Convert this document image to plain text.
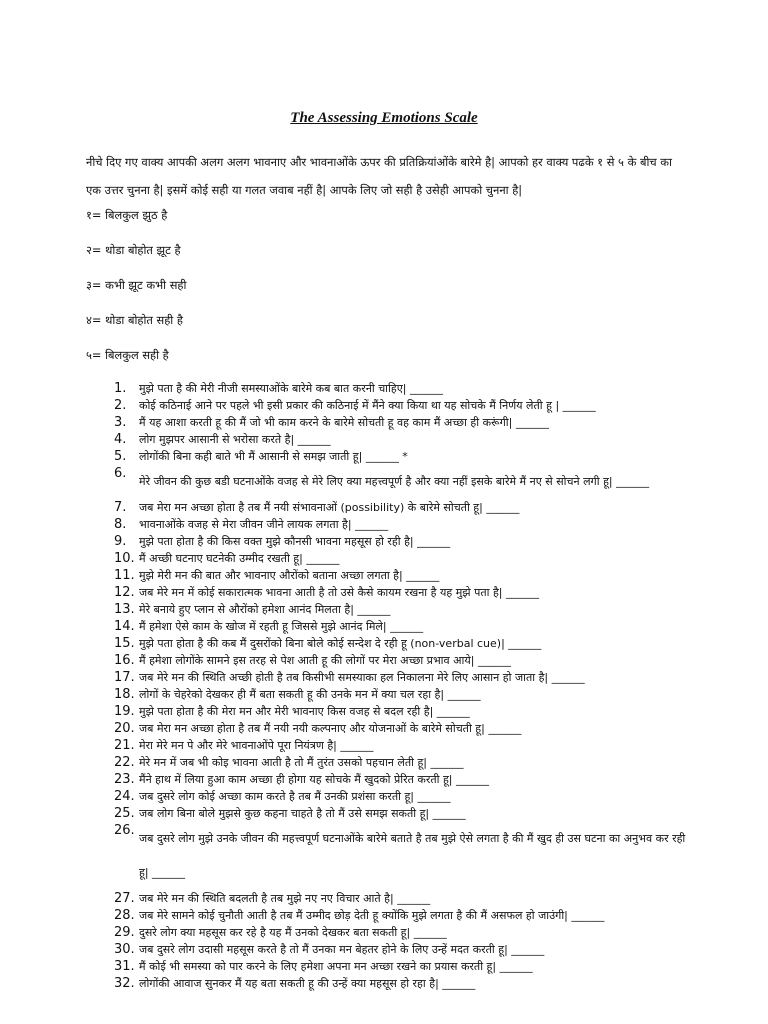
The Assessing Emotions Scale

नीचे दिए गए वाक्य आपकी अलग अलग भावनाए और भावनाओंके ऊपर की प्रतिक्रियांओंके बारेमे है| आपको हर वाक्य पढके १ से ५ के बीच का एक उत्तर चुनना है| इसमें कोई सही या गलत जवाब नहीं है| आपके लिए जो सही है उसेही आपको चुनना है|

१= बिलकुल झुठ है
२= थोडा बोहोत झूट है
३= कभी झूट कभी सही
४= थोडा बोहोत सही है
५= बिलकुल सही है
1.	मुझे पता है की मेरी नीजी समस्याओंके बारेमे कब बात करनी चाहिए| ______
2.	कोई कठिनाई आने पर पहले भी इसी प्रकार की कठिनाई में मैंने क्या किया था यह सोचके मैं निर्णय लेती हू | ______
3.	मैं यह आशा करती हू की मैं जो भी काम करने के बारेमे सोचती हू वह काम मैं अच्छा ही करूंगी| ______
4.	लोग मुझपर आसानी से भरोसा करते है| ______
5.	लोगोंकी बिना कही बाते भी मैं आसानी से समझ जाती हू| ______ *
6.
मेरे जीवन की कुछ बडी घटनाओंके वजह से मेरे लिए क्या महत्त्वपूर्ण है और क्या नहीं इसके बारेमे मैं नए से सोचने लगी हू| ______
7.	जब मेरा मन अच्छा होता है तब मैं नयी संभावनाओं (possibility) के बारेमे सोचती हू| ______
8.	भावनाओंके वजह से मेरा जीवन जीने लायक लगता है| ______
9.	मुझे पता होता है की किस वक्त मुझे कौनसी भावना महसूस हो रही है| ______
10. मैं अच्छी घटनाए घटनेकी उम्मीद रखती हू| ______
11. मुझे मेरी मन की बात और भावनाए औरोंको बताना अच्छा लगता है| ______
12. जब मेरे मन में कोई सकारात्मक भावना आती है तो उसे कैसे कायम रखना है यह मुझे पता है| ______
13. मेरे बनाये हुए प्लान से औरोंको हमेशा आनंद मिलता है| ______
14. मैं हमेशा ऐसे काम के खोज में रहती हू जिससे मुझे आनंद मिले| ______
15. मुझे पता होता है की कब मैं दुसरोंको बिना बोले कोई सन्देश दे रही हू (non-verbal cue)| ______
16. मैं हमेशा लोगोंके सामने इस तरह से पेश आती हू की लोगों पर मेरा अच्छा प्रभाव आये| ______
17. जब मेरे मन की स्थिति अच्छी होती है तब किसीभी समस्याका हल निकालना मेरे लिए आसान हो जाता है| ______
18. लोगों के चेहरेको देखकर ही मैं बता सकती हू की उनके मन में क्या चल रहा है| ______
19. मुझे पता होता है की मेरा मन और मेरी भावनाए किस वजह से बदल रही है| ______
20. जब मेरा मन अच्छा होता है तब मैं नयी नयी कल्पनाए और योजनाओं के बारेमे सोचती हू| ______
21. मेरा मेरे मन पे और मेरे भावनाओंपे पूरा नियंत्रण है| ______
22. मेरे मन में जब भी कोइ भावना आती है तो मैं तुरंत उसको पहचान लेती हू| ______
23. मैंने हाथ में लिया हुआ काम अच्छा ही होगा यह सोचके मैं खुदको प्रेरित करती हू| ______
24. जब दुसरे लोग कोई अच्छा काम करते है तब मैं उनकी प्रशंसा करती हू| ______
25. जब लोग बिना बोले मुझसे कुछ कहना चाहते है तो मैं उसे समझ सकती हू| ______
26.
जब दुसरे लोग मुझे उनके जीवन की महत्त्वपूर्ण घटनाओंके बारेमे बताते है तब मुझे ऐसे लगता है की मैं खुद ही उस घटना का अनुभव कर रही हू| ______
27. जब मेरे मन की स्थिति बदलती है तब मुझे नए नए विचार आते है| ______
28. जब मेरे सामने कोई चुनौती आती है तब मैं उम्मीद छोड़ देती हू क्योंकि मुझे लगता है की मैं असफल हो जाउंगी| ______
29. दुसरे लोग क्या महसूस कर रहे है यह मैं उनको देखकर बता सकती हू| ______
30. जब दुसरे लोग उदासी महसूस करते है तो मैं उनका मन बेहतर होने के लिए उन्हें मदत करती हू| ______
31. मैं कोई भी समस्या को पार करने के लिए हमेशा अपना मन अच्छा रखने का प्रयास करती हू| ______
32. लोगोंकी आवाज सुनकर मैं यह बता सकती हू की उन्हें क्या महसूस हो रहा है| ______
